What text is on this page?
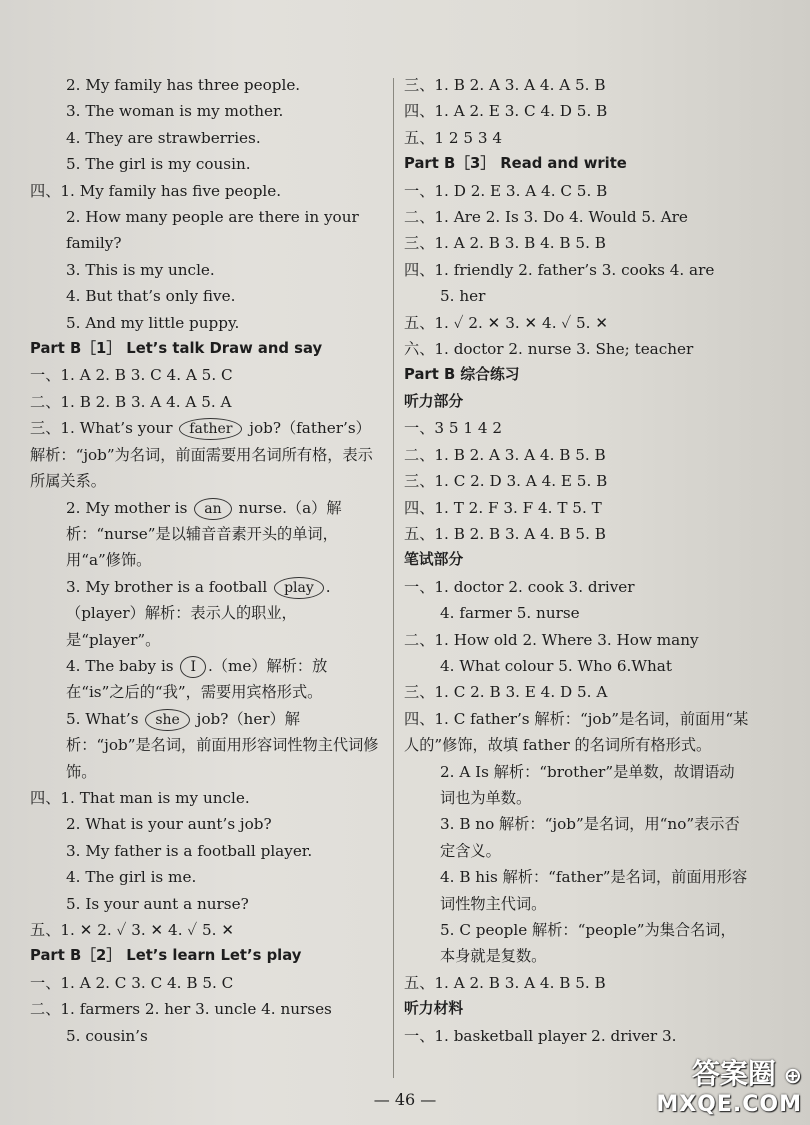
2. My family has three people.
3. The woman is my mother.
4. They are strawberries.
5. The girl is my cousin.
四、1. My family has five people.
2. How many people are there in your family?
3. This is my uncle.
4. But that’s only five.
5. And my little puppy.
Part B［1］ Let’s talk Draw and say
一、1. A 2. B 3. C 4. A 5. C
二、1. B 2. B 3. A 4. A 5. A
三、1. What’s your father job?（father’s）解析：“job”为名词，前面需要用名词所有格，表示所属关系。
2. My mother is an nurse.（a）解析：“nurse”是以辅音音素开头的单词，用“a”修饰。
3. My brother is a football play .（player）解析：表示人的职业，是“player”。
4. The baby is I .（me）解析：放在“is”之后的“我”，需要用宾格形式。
5. What’s she job?（her）解析：“job”是名词，前面用形容词性物主代词修饰。
四、1. That man is my uncle.
2. What is your aunt’s job?
3. My father is a football player.
4. The girl is me.
5. Is your aunt a nurse?
五、1. ✕ 2. ✓ 3. ✕ 4. ✓ 5. ✕
Part B［2］ Let’s learn Let’s play
一、1. A 2. C 3. C 4. B 5. C
二、1. farmers 2. her 3. uncle 4. nurses
5. cousin’s
三、1. B 2. A 3. A 4. A 5. B
四、1. A 2. E 3. C 4. D 5. B
五、1 2 5 3 4
Part B［3］ Read and write
一、1. D 2. E 3. A 4. C 5. B
二、1. Are 2. Is 3. Do 4. Would 5. Are
三、1. A 2. B 3. B 4. B 5. B
四、1. friendly 2. father’s 3. cooks 4. are
5. her
五、1. ✓ 2. ✕ 3. ✕ 4. ✓ 5. ✕
六、1. doctor 2. nurse 3. She; teacher
Part B 综合练习
听力部分
一、3 5 1 4 2
二、1. B 2. A 3. A 4. B 5. B
三、1. C 2. D 3. A 4. E 5. B
四、1. T 2. F 3. F 4. T 5. T
五、1. B 2. B 3. A 4. B 5. B
笔试部分
一、1. doctor 2. cook 3. driver
4. farmer 5. nurse
二、1. How old 2. Where 3. How many
4. What colour 5. Who 6.What
三、1. C 2. B 3. E 4. D 5. A
四、1. C father’s 解析：“job”是名词，前面用“某人的”修饰，故填 father 的名词所有格形式。
2. A Is 解析：“brother”是单数，故谓语动词也为单数。
3. B no 解析：“job”是名词，用“no”表示否定含义。
4. B his 解析：“father”是名词，前面用形容词性物主代词。
5. C people 解析：“people”为集合名词，本身就是复数。
五、1. A 2. B 3. A 4. B 5. B
听力材料
一、1. basketball player 2. driver 3.
— 46 —
答案圈 ⊕
MXQE.COM
